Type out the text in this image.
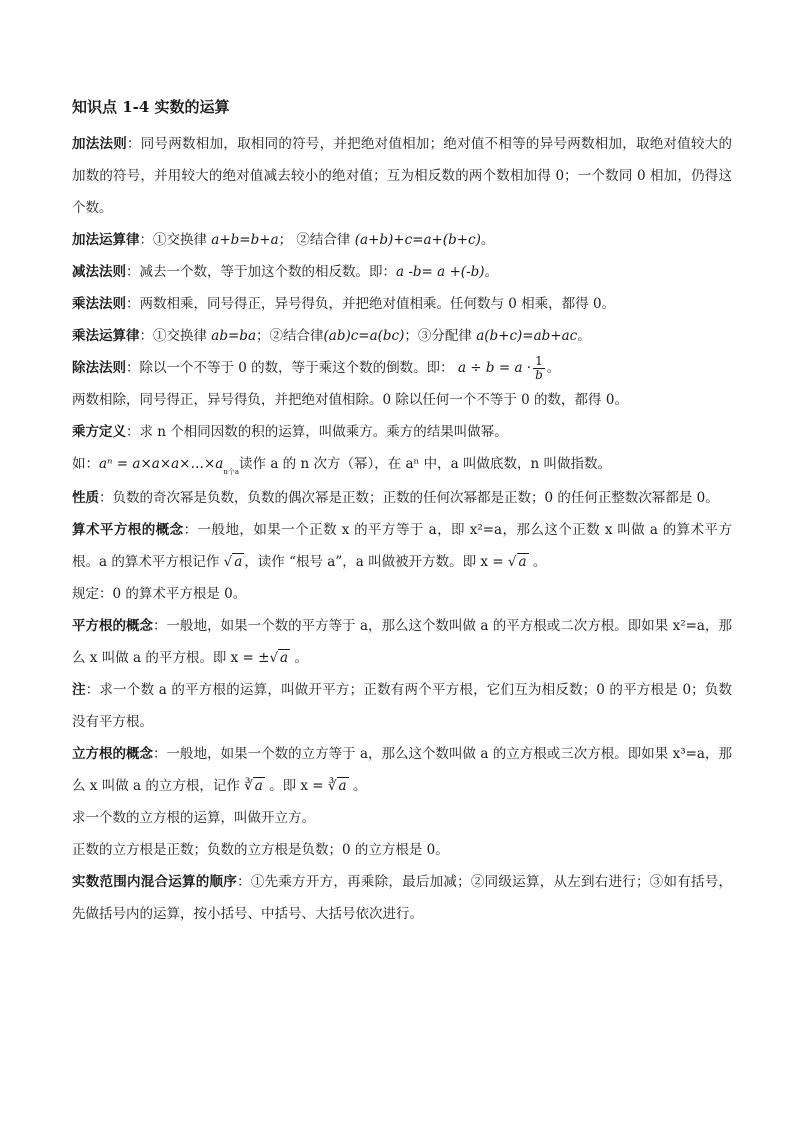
知识点 1-4 实数的运算

加法法则：同号两数相加，取相同的符号，并把绝对值相加；绝对值不相等的异号两数相加，取绝对值较大的加数的符号，并用较大的绝对值减去较小的绝对值；互为相反数的两个数相加得 0；一个数同 0 相加，仍得这个数。

加法运算律：①交换律 a+b=b+a； ②结合律 (a+b)+c=a+(b+c)。

减法法则：减去一个数，等于加这个数的相反数。即：a -b= a +(-b)。

乘法法则：两数相乘，同号得正，异号得负，并把绝对值相乘。任何数与 0 相乘，都得 0。

乘法运算律：①交换律 ab=ba；②结合律(ab)c=a(bc)；③分配律 a(b+c)=ab+ac。

除法法则：除以一个不等于 0 的数，等于乘这个数的倒数。即： $a \div b = a \cdot \frac{1}{b}$ 。

两数相除，同号得正，异号得负，并把绝对值相除。0 除以任何一个不等于 0 的数，都得 0。

乘方定义：求 n 个相同因数的积的运算，叫做乘方。乘方的结果叫做幂。

如：$a^n = a\times a\times a\times\dots\times a_{n个a}$读作 a 的 n 次方（幂），在 aⁿ 中，a 叫做底数，n 叫做指数。

性质：负数的奇次幂是负数，负数的偶次幂是正数；正数的任何次幂都是正数；0 的任何正整数次幂都是 0。

算术平方根的概念：一般地，如果一个正数 x 的平方等于 a，即 x²=a，那么这个正数 x 叫做 a 的算术平方根。a 的算术平方根记作 √ a ，读作 “根号 a”，a 叫做被开方数。即 x = √ a 。

规定：0 的算术平方根是 0。

平方根的概念：一般地，如果一个数的平方等于 a，那么这个数叫做 a 的平方根或二次方根。即如果 x²=a，那么 x 叫做 a 的平方根。即 x = ±√ a 。

注：求一个数 a 的平方根的运算，叫做开平方；正数有两个平方根，它们互为相反数；0 的平方根是 0；负数没有平方根。

立方根的概念：一般地，如果一个数的立方等于 a，那么这个数叫做 a 的立方根或三次方根。即如果 x³=a，那么 x 叫做 a 的立方根，记作 ∛ a 。即 x = ∛ a 。

求一个数的立方根的运算，叫做开立方。

正数的立方根是正数；负数的立方根是负数；0 的立方根是 0。

实数范围内混合运算的顺序：①先乘方开方，再乘除，最后加减；②同级运算，从左到右进行；③如有括号，先做括号内的运算，按小括号、中括号、大括号依次进行。
